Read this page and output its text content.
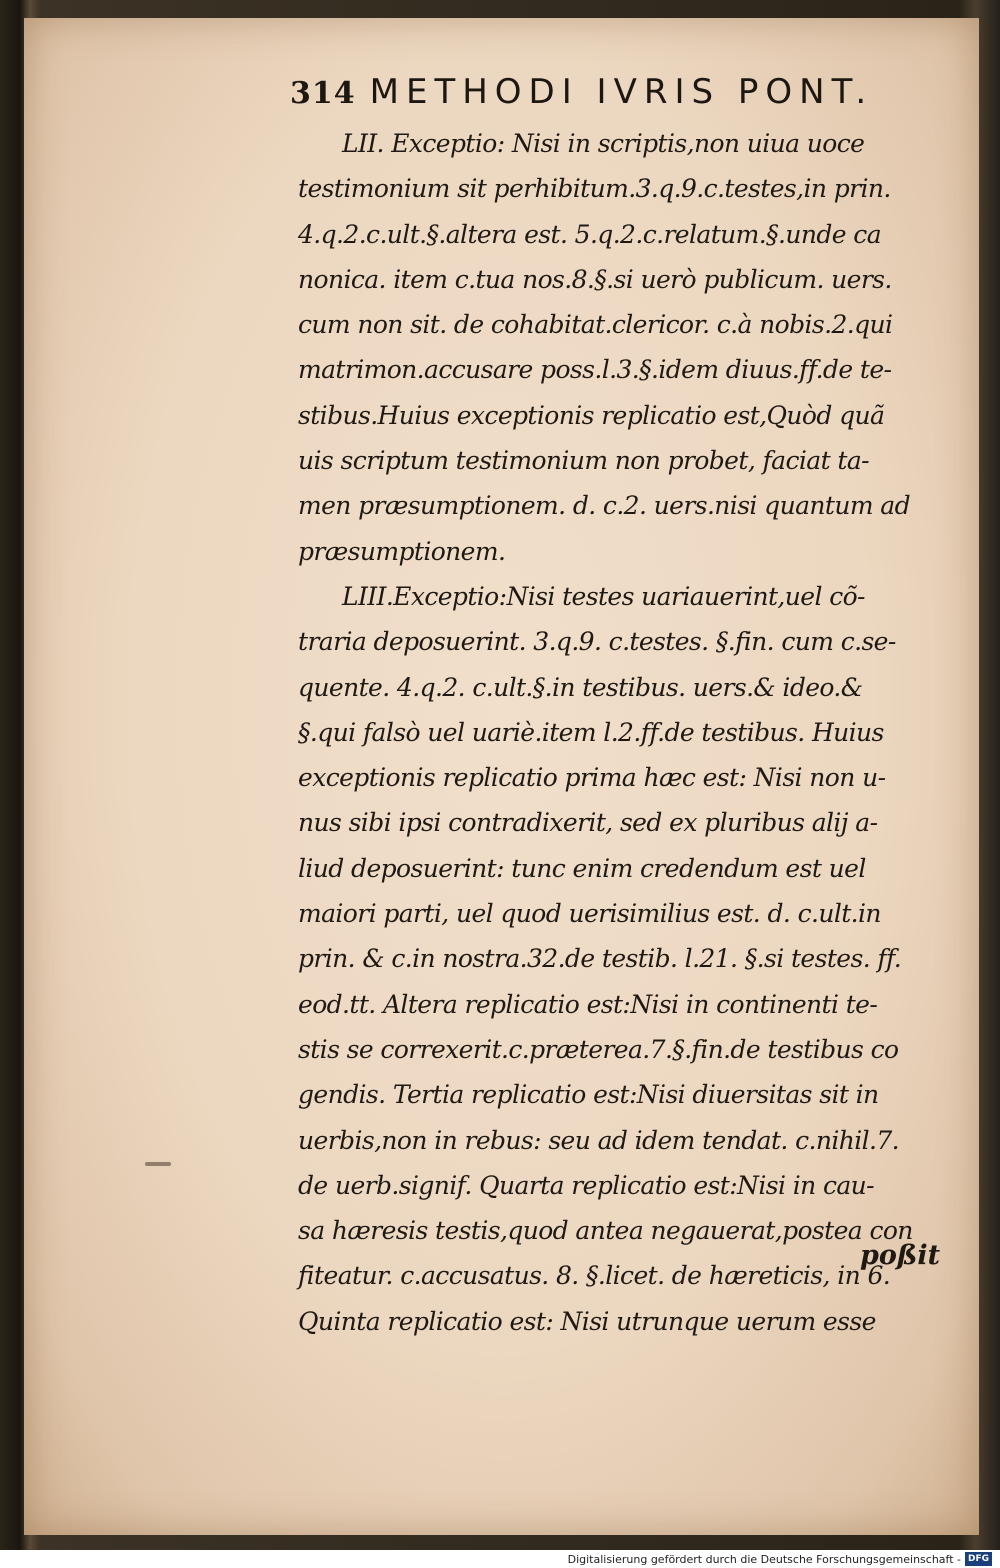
314 METHODI IVRIS PONT.
LII. Exceptio: Nisi in scriptis,non uiua uoce
testimonium sit perhibitum.3.q.9.c.testes,in prin.
4.q.2.c.ult.§.altera est. 5.q.2.c.relatum.§.unde ca
nonica. item c.tua nos.8.§.si uerò publicum. uers.
cum non sit. de cohabitat.clericor. c.à nobis.2.qui
matrimon.accusare poss.l.3.§.idem diuus.ff.de te-
stibus.Huius exceptionis replicatio est,Quòd quã
uis scriptum testimonium non probet, faciat ta-
men præsumptionem. d. c.2. uers.nisi quantum ad
præsumptionem.
LIII.Exceptio:Nisi testes uariauerint,uel cõ-
traria deposuerint. 3.q.9. c.testes. §.fin. cum c.se-
quente. 4.q.2. c.ult.§.in testibus. uers.& ideo.&
§.qui falsò uel uariè.item l.2.ff.de testibus. Huius
exceptionis replicatio prima hæc est: Nisi non u-
nus sibi ipsi contradixerit, sed ex pluribus alij a-
liud deposuerint: tunc enim credendum est uel
maiori parti, uel quod uerisimilius est. d. c.ult.in
prin. & c.in nostra.32.de testib. l.21. §.si testes. ff.
eod.tt. Altera replicatio est:Nisi in continenti te-
stis se correxerit.c.præterea.7.§.fin.de testibus co
gendis. Tertia replicatio est:Nisi diuersitas sit in
uerbis,non in rebus: seu ad idem tendat. c.nihil.7.
de uerb.signif. Quarta replicatio est:Nisi in cau-
sa hæresis testis,quod antea negauerat,postea con
fiteatur. c.accusatus. 8. §.licet. de hæreticis, in 6.
Quinta replicatio est: Nisi utrunque uerum esse
poßit
Digitalisierung gefördert durch die Deutsche Forschungsgemeinschaft - DFG
